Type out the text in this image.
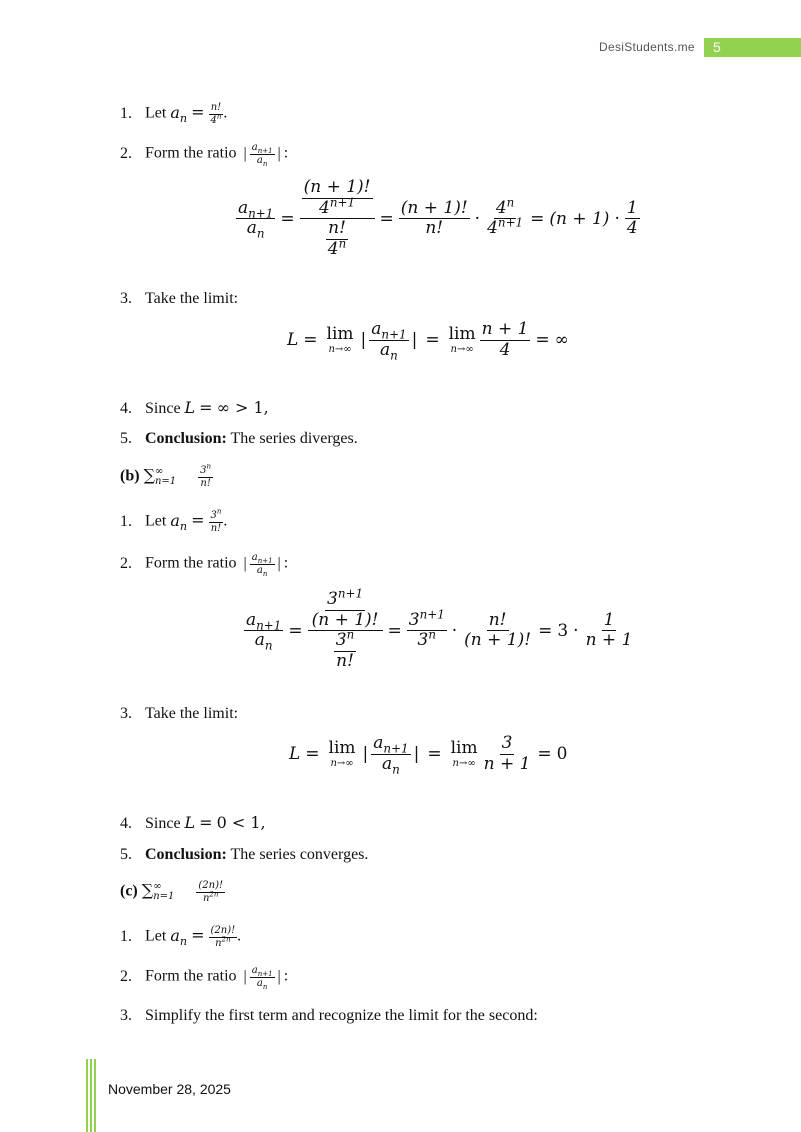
DesiStudents.me 5
1. Let $a_n = \frac{n!}{4^n}$ .
2. Form the ratio | $\frac{a_{n+1}}{a_n}$ | :
$\frac{a_{n+1}}{a_n} = \frac{\frac{(n + 1)!}{4^{n+1}}}{\frac{n!}{4^n}} = \frac{(n + 1)!}{n!} \cdot \frac{4^n}{4^{n+1}} = (n + 1) \cdot \frac{1}{4}$
3. Take the limit:
L = lim
n→∞ | $\frac{a_{n+1}}{a_n}$ | = lim
$n\to\infty \frac{n + 1}{4}$ = ∞
4. Since L = ∞ > 1,
5. Conclusion: The series diverges.
(b) ∑ ∞
n=1
$\frac{3^n}{n!}$
1. Let $a_n = \frac{3^n}{n!}$ .
2. Form the ratio | $\frac{a_{n+1}}{a_n}$ | :
$\frac{a_{n+1}}{a_n} = \frac{\frac{3^{n+1}}{(n + 1)!}}{\frac{3^n}{n!}} = \frac{3^{n+1}}{3^n} \cdot \frac{n!}{(n + 1)!} = 3 \cdot \frac{1}{n + 1}$
3. Take the limit:
L = lim
n→∞ | $\frac{a_{n+1}}{a_n}$ | = lim
$n\to\infty \frac{3}{n + 1} = 0$
4. Since L = 0 < 1,
5. Conclusion: The series converges.
(c) ∑ ∞
n=1
$\frac{(2n)!}{n^{2n}}$
1. Let $a_n = \frac{(2n)!}{n^{2n}}$ .
2. Form the ratio | $\frac{a_{n+1}}{a_n}$ | :
3. Simplify the first term and recognize the limit for the second:
November 28, 2025
